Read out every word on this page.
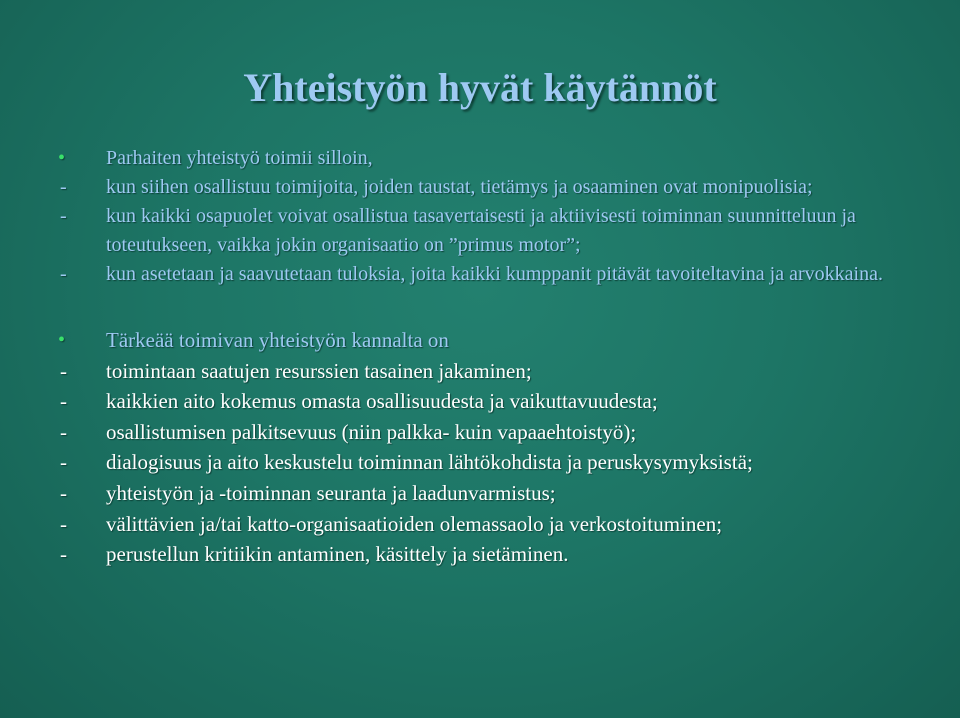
Yhteistyön hyvät käytännöt
•	Parhaiten yhteistyö toimii silloin,
-	kun siihen osallistuu toimijoita, joiden taustat, tietämys ja osaaminen ovat monipuolisia;
-	kun kaikki osapuolet voivat osallistua tasavertaisesti ja aktiivisesti toiminnan suunnitteluun ja toteutukseen, vaikka jokin organisaatio on ”primus motor”;
-	kun asetetaan ja saavutetaan tuloksia, joita kaikki kumppanit pitävät tavoiteltavina ja arvokkaina.
•	Tärkeää toimivan yhteistyön kannalta on
-	toimintaan saatujen resurssien tasainen jakaminen;
-	kaikkien aito kokemus omasta osallisuudesta ja vaikuttavuudesta;
-	osallistumisen palkitsevuus (niin palkka- kuin vapaaehtoistyö);
-	dialogisuus ja aito keskustelu toiminnan lähtökohdista ja peruskysymyksistä;
-	yhteistyön ja -toiminnan seuranta ja laadunvarmistus;
-	välittävien ja/tai katto-organisaatioiden olemassaolo ja verkostoituminen;
-	perustellun kritiikin antaminen, käsittely ja sietäminen.
